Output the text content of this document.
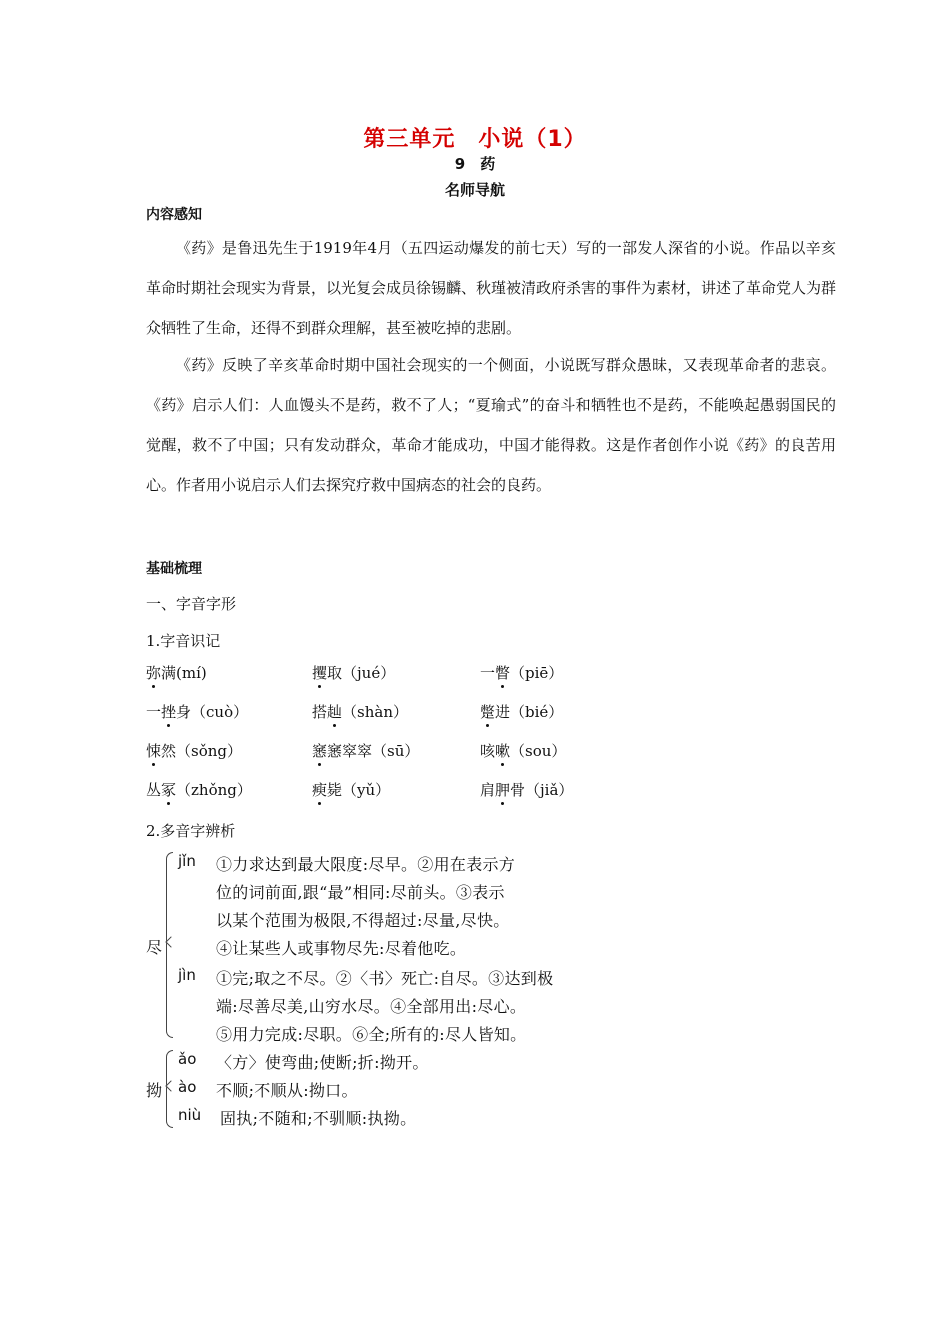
第三单元　小说（1）
9　药
名师导航
内容感知

《药》是鲁迅先生于1919年4月（五四运动爆发的前七天）写的一部发人深省的小说。作品以辛亥革命时期社会现实为背景，以光复会成员徐锡麟、秋瑾被清政府杀害的事件为素材，讲述了革命党人为群众牺牲了生命，还得不到群众理解，甚至被吃掉的悲剧。

《药》反映了辛亥革命时期中国社会现实的一个侧面，小说既写群众愚昧，又表现革命者的悲哀。《药》启示人们：人血馒头不是药，救不了人；“夏瑜式”的奋斗和牺牲也不是药，不能唤起愚弱国民的觉醒，救不了中国；只有发动群众，革命才能成功，中国才能得救。这是作者创作小说《药》的良苦用心。作者用小说启示人们去探究疗救中国病态的社会的良药。

基础梳理
一、字音字形
1.字音识记
弥满(mí)	攫取（jué）	一瞥（piē）
一挫身（cuò）	搭赸（shàn）	蹩进（bié）
悚然（sǒng）	窸窸窣窣（sū）	咳嗽（sou）
丛冢（zhǒng）	瘐毙（yǔ）	肩胛骨（jiǎ）
2.多音字辨析
尽
jǐn ①力求达到最大限度:尽早。②用在表示方
位的词前面,跟“最”相同:尽前头。③表示
以某个范围为极限,不得超过:尽量,尽快。
④让某些人或事物尽先:尽着他吃。
jìn ①完;取之不尽。②〈书〉死亡:自尽。③达到极
端:尽善尽美,山穷水尽。④全部用出:尽心。
⑤用力完成:尽职。⑥全;所有的:尽人皆知。
拗
ǎo 〈方〉使弯曲;使断;折:拗开。
ào 不顺;不顺从:拗口。
niù 固执;不随和;不驯顺:执拗。
